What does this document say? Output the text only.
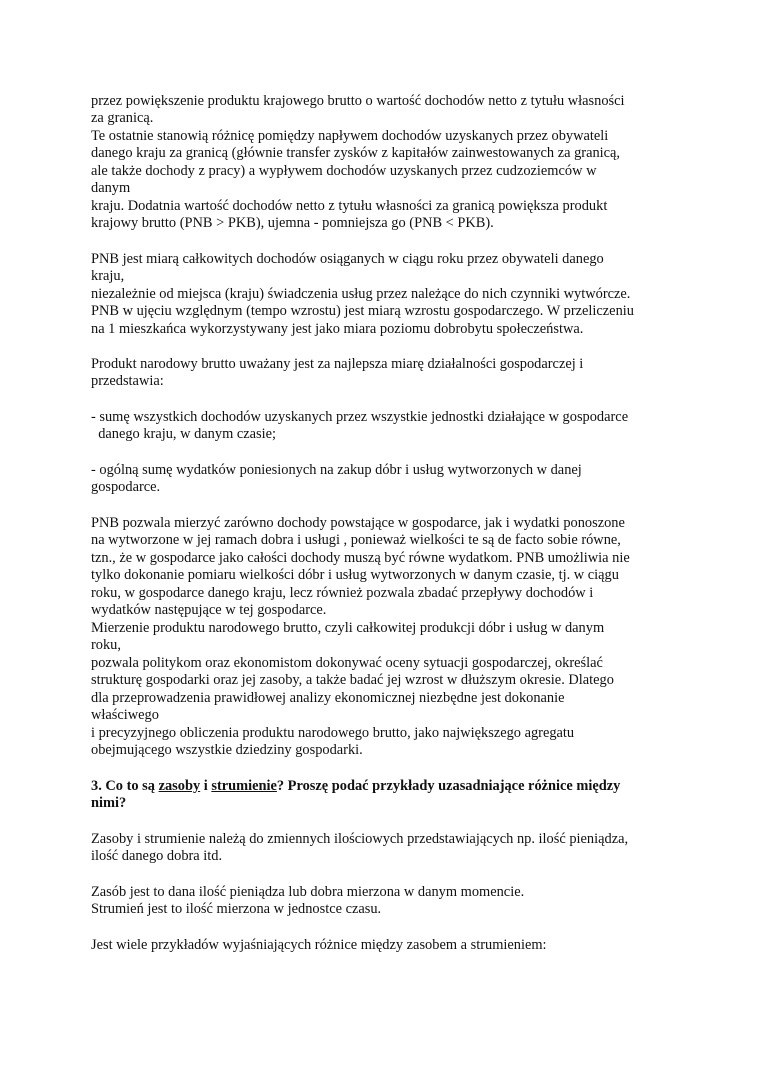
przez powiększenie produktu krajowego brutto o wartość dochodów netto z tytułu własności
za granicą.
Te ostatnie stanowią różnicę pomiędzy napływem dochodów uzyskanych przez obywateli
danego kraju za granicą (głównie transfer zysków z kapitałów zainwestowanych za granicą,
ale także dochody z pracy) a wypływem dochodów uzyskanych przez cudzoziemców w
danym
kraju. Dodatnia wartość dochodów netto z tytułu własności za granicą powiększa produkt
krajowy brutto (PNB > PKB), ujemna - pomniejsza go (PNB < PKB).
PNB jest miarą całkowitych dochodów osiąganych w ciągu roku przez obywateli danego
kraju,
niezależnie od miejsca (kraju) świadczenia usług przez należące do nich czynniki wytwórcze.
PNB w ujęciu względnym (tempo wzrostu) jest miarą wzrostu gospodarczego. W przeliczeniu
na 1 mieszkańca wykorzystywany jest jako miara poziomu dobrobytu społeczeństwa.
Produkt narodowy brutto uważany jest za najlepsza miarę działalności gospodarczej i
przedstawia:
- sumę wszystkich dochodów uzyskanych przez wszystkie jednostki działające w gospodarce
danego kraju, w danym czasie;
- ogólną sumę wydatków poniesionych na zakup dóbr i usług wytworzonych w danej
gospodarce.
PNB pozwala mierzyć zarówno dochody powstające w gospodarce, jak i wydatki ponoszone
na wytworzone w jej ramach dobra i usługi , ponieważ wielkości te są de facto sobie równe,
tzn., że w gospodarce jako całości dochody muszą być równe wydatkom. PNB umożliwia nie
tylko dokonanie pomiaru wielkości dóbr i usług wytworzonych w danym czasie, tj. w ciągu
roku, w gospodarce danego kraju, lecz również pozwala zbadać przepływy dochodów i
wydatków następujące w tej gospodarce.
Mierzenie produktu narodowego brutto, czyli całkowitej produkcji dóbr i usług w danym
roku,
pozwala politykom oraz ekonomistom dokonywać oceny sytuacji gospodarczej, określać
strukturę gospodarki oraz jej zasoby, a także badać jej wzrost w dłuższym okresie. Dlatego
dla przeprowadzenia prawidłowej analizy ekonomicznej niezbędne jest dokonanie
właściwego
i precyzyjnego obliczenia produktu narodowego brutto, jako największego agregatu
obejmującego wszystkie dziedziny gospodarki.
3. Co to są zasoby i strumienie? Proszę podać przykłady uzasadniające różnice między
nimi?
Zasoby i strumienie należą do zmiennych ilościowych przedstawiających np. ilość pieniądza,
ilość danego dobra itd.
Zasób jest to dana ilość pieniądza lub dobra mierzona w danym momencie.
Strumień jest to ilość mierzona w jednostce czasu.
Jest wiele przykładów wyjaśniających różnice między zasobem a strumieniem:
